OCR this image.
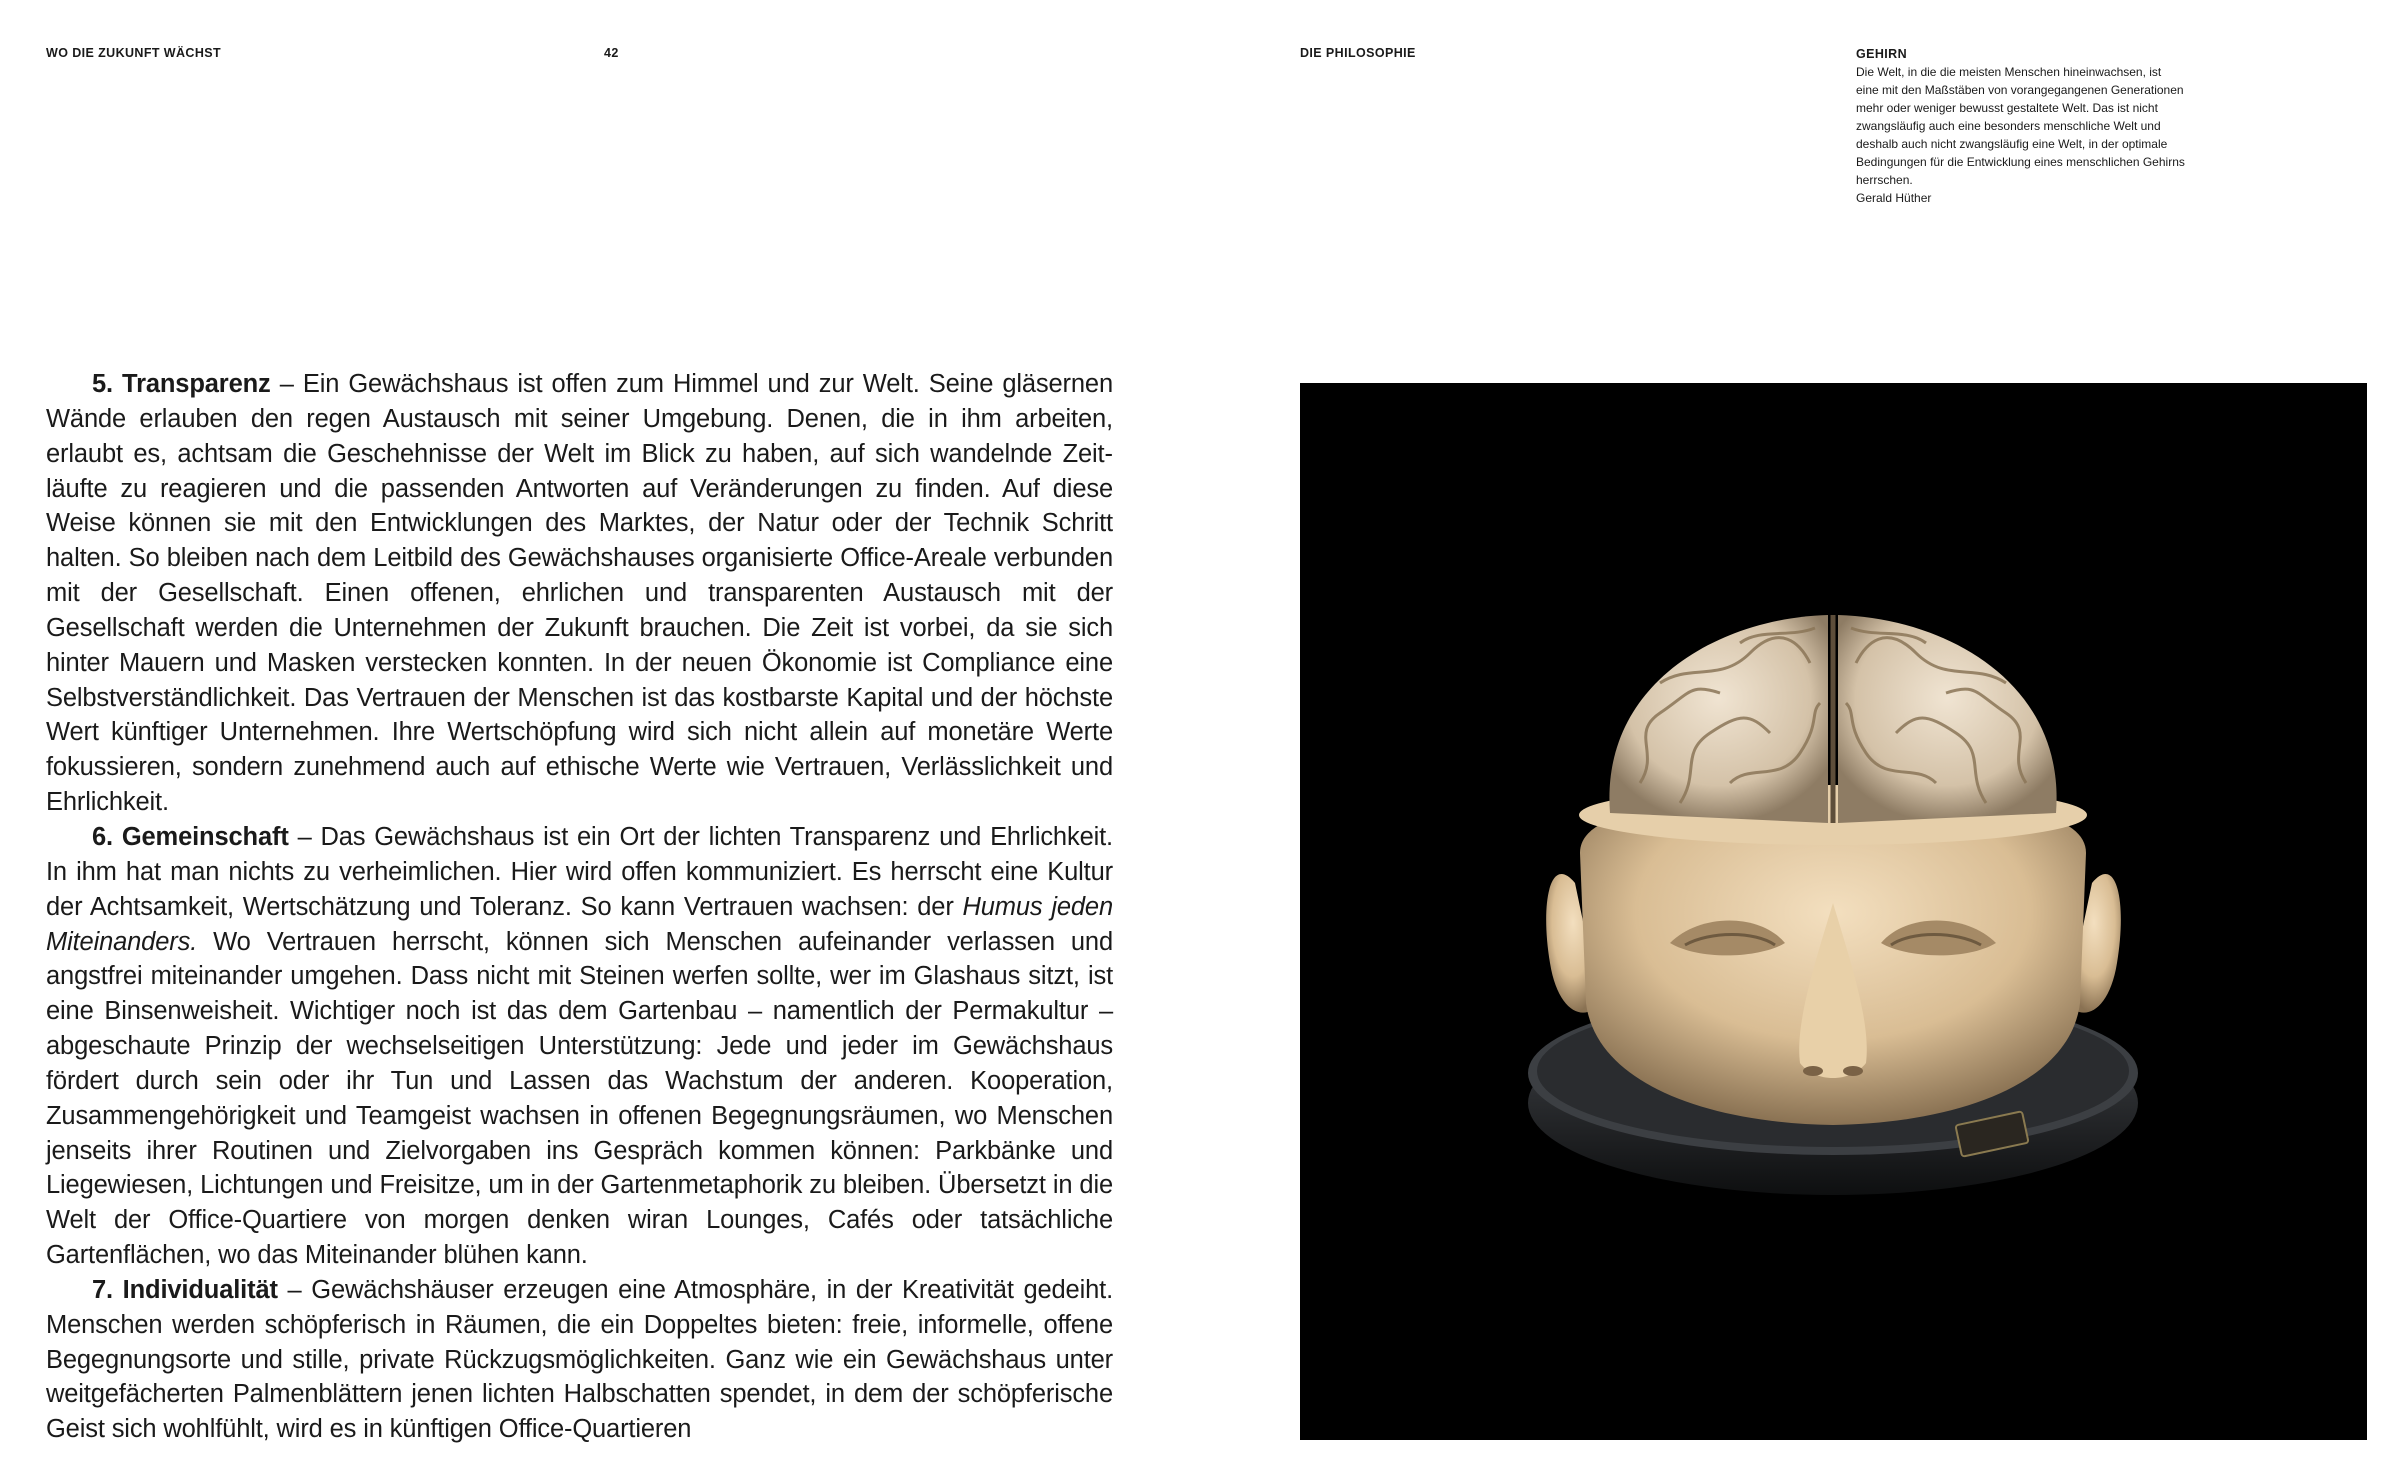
WO DIE ZUKUNFT WÄCHST	42	DIE PHILOSOPHIE	GEHIRN
Die Welt, in die die meisten Menschen hineinwachsen, ist eine mit den Maßstäben von vorangegangenen Generationen mehr oder weniger bewusst gestaltete Welt. Das ist nicht zwangsläufig auch eine besonders menschliche Welt und deshalb auch nicht zwangsläufig eine Welt, in der optimale Bedingungen für die Entwicklung eines menschlichen Gehirns herrschen.
Gerald Hüther

5. Transparenz – Ein Gewächshaus ist offen zum Himmel und zur Welt. Seine gläsernen Wände erlauben den regen Austausch mit seiner Umgebung. Denen, die in ihm arbeiten, erlaubt es, achtsam die Geschehnisse der Welt im Blick zu haben, auf sich wandelnde Zeitläufte zu reagieren und die passenden Antworten auf Veränderungen zu finden. Auf diese Weise können sie mit den Entwicklungen des Marktes, der Natur oder der Technik Schritt halten. So bleiben nach dem Leitbild des Gewächshauses organisierte Office-Areale verbunden mit der Gesellschaft. Einen offenen, ehrlichen und transparenten Austausch mit der Gesellschaft werden die Unternehmen der Zukunft brauchen. Die Zeit ist vorbei, da sie sich hinter Mauern und Masken verstecken konnten. In der neuen Ökonomie ist Compliance eine Selbstverständlichkeit. Das Vertrauen der Menschen ist das kostbarste Kapital und der höchste Wert künftiger Unternehmen. Ihre Wertschöpfung wird sich nicht allein auf monetäre Werte fokussieren, sondern zunehmend auch auf ethische Werte wie Vertrauen, Verlässlichkeit und Ehrlichkeit.

6. Gemeinschaft – Das Gewächshaus ist ein Ort der lichten Transparenz und Ehrlichkeit. In ihm hat man nichts zu verheimlichen. Hier wird offen kommuniziert. Es herrscht eine Kultur der Achtsamkeit, Wertschätzung und Toleranz. So kann Vertrauen wachsen: der Humus jeden Miteinanders. Wo Vertrauen herrscht, können sich Menschen aufeinander verlassen und angstfrei miteinander umgehen. Dass nicht mit Steinen werfen sollte, wer im Glashaus sitzt, ist eine Binsenweisheit. Wichtiger noch ist das dem Gartenbau – namentlich der Permakultur – abgeschaute Prinzip der wechselseitigen Unterstützung: Jede und jeder im Gewächshaus fördert durch sein oder ihr Tun und Lassen das Wachstum der anderen. Kooperation, Zusammengehörigkeit und Teamgeist wachsen in offenen Begegnungsräumen, wo Menschen jenseits ihrer Routinen und Zielvorgaben ins Gespräch kommen können: Parkbänke und Liegewiesen, Lichtungen und Freisitze, um in der Gartenmetaphorik zu bleiben. Übersetzt in die Welt der Office-Quartiere von morgen denken wiran Lounges, Cafés oder tatsächliche Gartenflächen, wo das Miteinander blühen kann.

7. Individualität – Gewächshäuser erzeugen eine Atmosphäre, in der Kreativität gedeiht. Menschen werden schöpferisch in Räumen, die ein Doppeltes bieten: freie, informelle, offene Begegnungsorte und stille, private Rückzugsmöglichkeiten. Ganz wie ein Gewächshaus unter weitgefächerten Palmenblättern jenen lichten Halbschatten spendet, in dem der schöpferische Geist sich wohlfühlt, wird es in künftigen Office-Quartieren
